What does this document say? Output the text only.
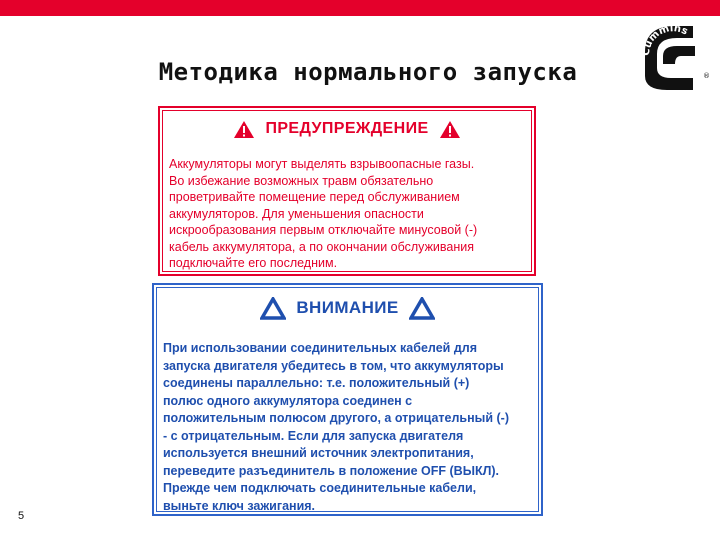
Методика нормального запуска
Cummins
®
ПРЕДУПРЕЖДЕНИЕ
Аккумуляторы могут выделять взрывоопасные газы.
Во избежание возможных травм обязательно
проветривайте помещение перед обслуживанием
аккумуляторов. Для уменьшения опасности
искрообразования первым отключайте минусовой (-)
кабель аккумулятора, а по окончании обслуживания
подключайте его последним.
ВНИМАНИЕ
При использовании соединительных кабелей для
запуска двигателя убедитесь в том, что аккумуляторы
соединены параллельно: т.е. положительный (+)
полюс одного аккумулятора соединен с
положительным полюсом другого, а отрицательный (-)
- с отрицательным. Если для запуска двигателя
используется внешний источник электропитания,
переведите разъединитель в положение OFF (ВЫКЛ).
Прежде чем подключать соединительные кабели,
выньте ключ зажигания.
5
